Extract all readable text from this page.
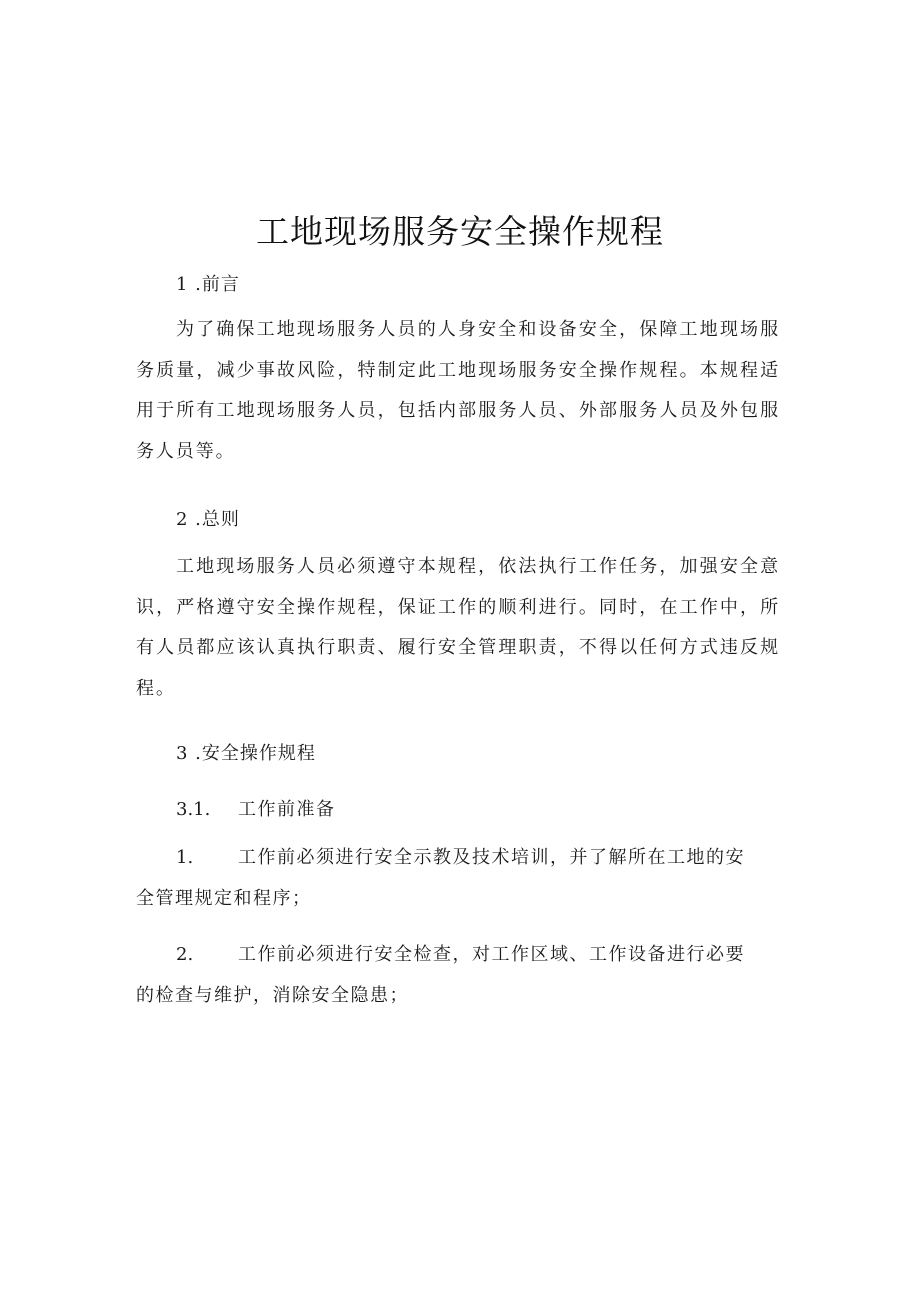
工地现场服务安全操作规程
1 .前言

为了确保工地现场服务人员的人身安全和设备安全，保障工地现场服务质量，减少事故风险，特制定此工地现场服务安全操作规程。本规程适用于所有工地现场服务人员，包括内部服务人员、外部服务人员及外包服务人员等。

2 .总则

工地现场服务人员必须遵守本规程，依法执行工作任务，加强安全意识，严格遵守安全操作规程，保证工作的顺利进行。同时，在工作中，所有人员都应该认真执行职责、履行安全管理职责，不得以任何方式违反规程。

3 .安全操作规程
3.1. 工作前准备

1. 工作前必须进行安全示教及技术培训，并了解所在工地的安全管理规定和程序；

2. 工作前必须进行安全检查，对工作区域、工作设备进行必要的检查与维护，消除安全隐患；
